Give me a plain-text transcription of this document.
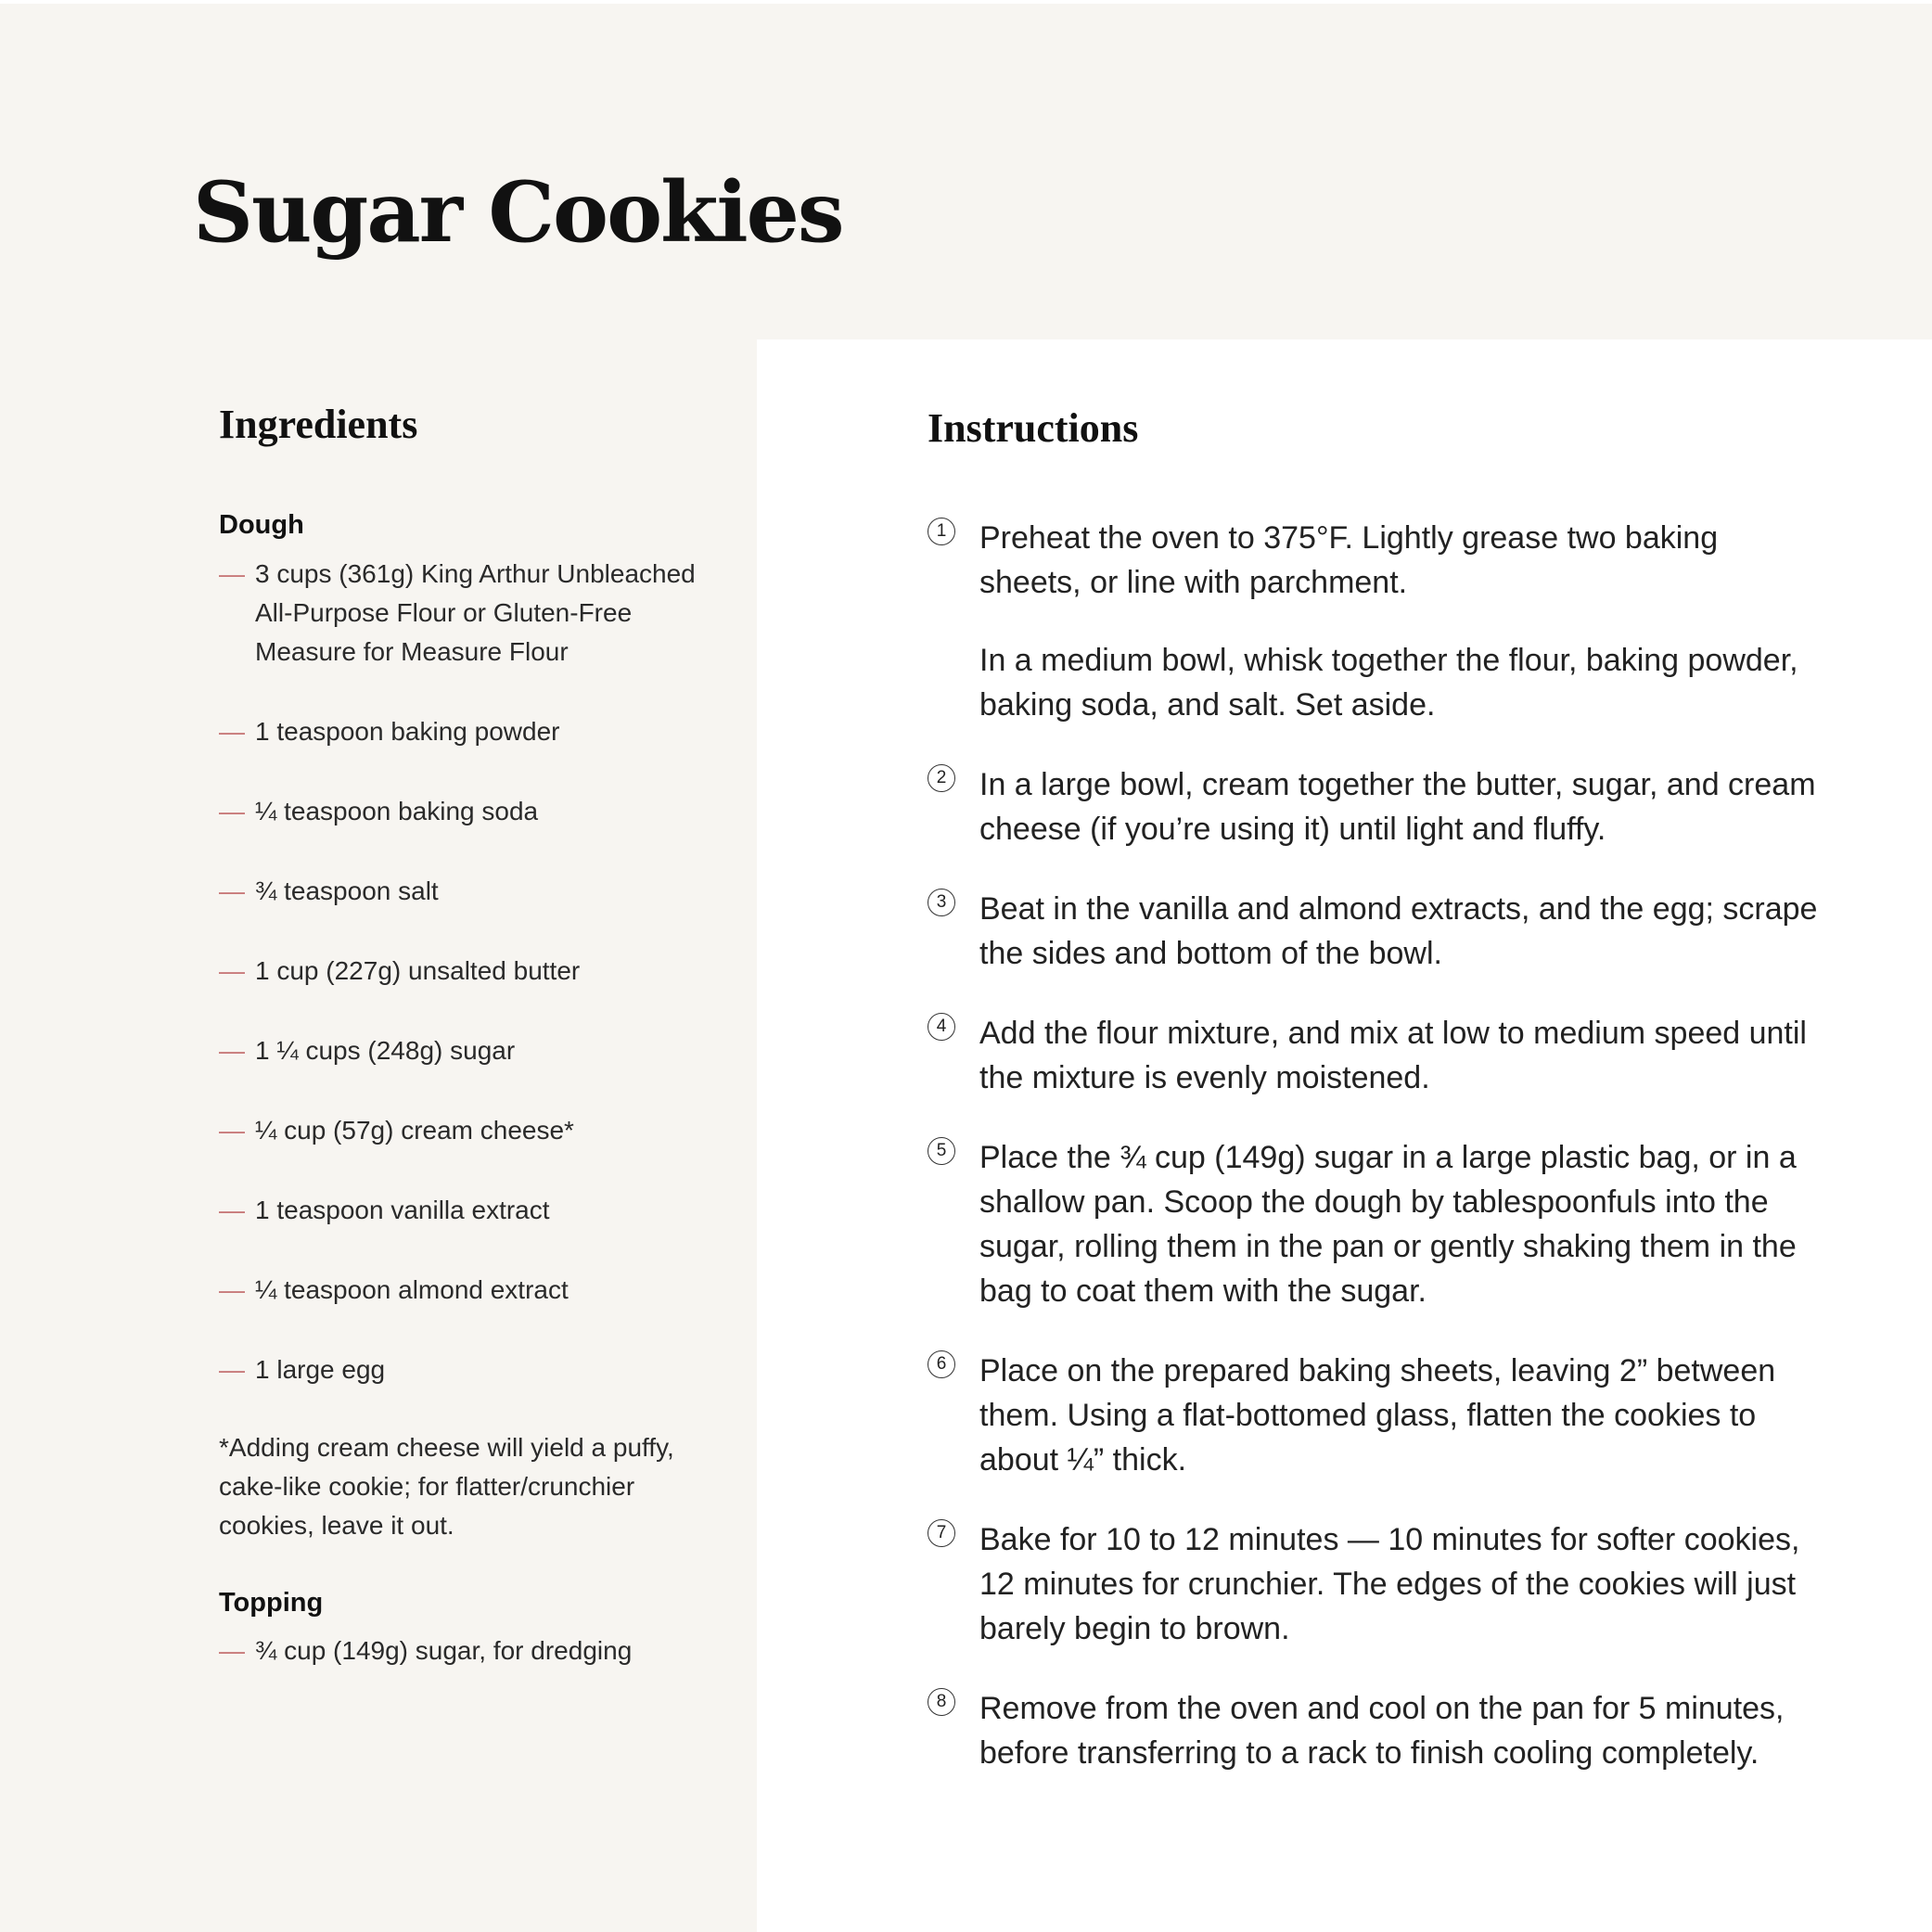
Sugar Cookies
Ingredients	Instructions
Dough
— 3 cups (361g) King Arthur Unbleached All-Purpose Flour or Gluten-Free Measure for Measure Flour
— 1 teaspoon baking powder
— ¼ teaspoon baking soda
— ¾ teaspoon salt
— 1 cup (227g) unsalted butter
— 1 ¼ cups (248g) sugar
— ¼ cup (57g) cream cheese*
— 1 teaspoon vanilla extract
— ¼ teaspoon almond extract
— 1 large egg

*Adding cream cheese will yield a puffy, cake-like cookie; for flatter/crunchier cookies, leave it out.

Topping
— ¾ cup (149g) sugar, for dredging
1 Preheat the oven to 375°F. Lightly grease two baking sheets, or line with parchment.

In a medium bowl, whisk together the flour, baking powder, baking soda, and salt. Set aside.

2 In a large bowl, cream together the butter, sugar, and cream cheese (if you’re using it) until light and fluffy.

3 Beat in the vanilla and almond extracts, and the egg; scrape the sides and bottom of the bowl.

4 Add the flour mixture, and mix at low to medium speed until the mixture is evenly moistened.

5 Place the ¾ cup (149g) sugar in a large plastic bag, or in a shallow pan. Scoop the dough by tablespoonfuls into the sugar, rolling them in the pan or gently shaking them in the bag to coat them with the sugar.

6 Place on the prepared baking sheets, leaving 2” between them. Using a flat-bottomed glass, flatten the cookies to about ¼” thick.

7 Bake for 10 to 12 minutes — 10 minutes for softer cookies, 12 minutes for crunchier. The edges of the cookies will just barely begin to brown.

8 Remove from the oven and cool on the pan for 5 minutes, before transferring to a rack to finish cooling completely.
